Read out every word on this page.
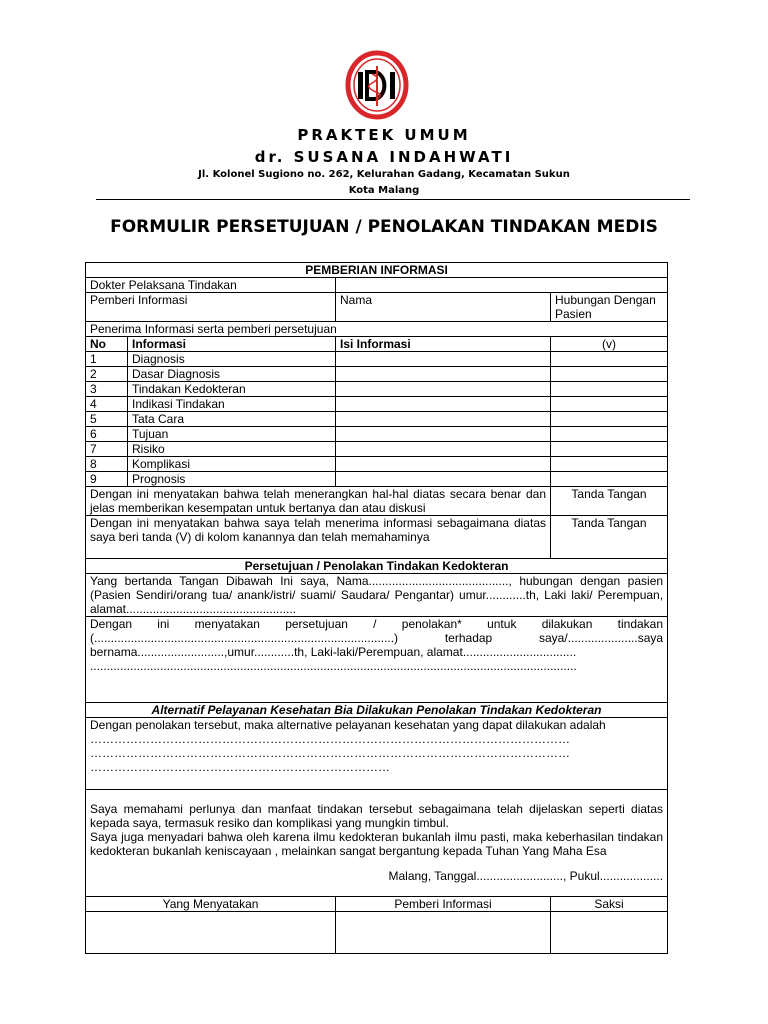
PRAKTEK UMUM
dr. SUSANA INDAHWATI
Jl. Kolonel Sugiono no. 262, Kelurahan Gadang, Kecamatan Sukun
Kota Malang
FORMULIR PERSETUJUAN / PENOLAKAN TINDAKAN MEDIS
PEMBERIAN INFORMASI			
Dokter Pelaksana Tindakan			
Pemberi Informasi		Nama	Hubungan Dengan Pasien
Penerima Informasi serta pemberi persetujuan			
No	Informasi	Isi Informasi	(v)
1	Diagnosis		
2	Dasar Diagnosis		
3	Tindakan Kedokteran		
4	Indikasi Tindakan		
5	Tata Cara		
6	Tujuan		
7	Risiko		
8	Komplikasi		
9	Prognosis		
Dengan ini menyatakan bahwa telah menerangkan hal-hal diatas secara benar dan jelas memberikan kesempatan untuk bertanya dan atau diskusi			Tanda Tangan
Dengan ini menyatakan bahwa saya telah menerima informasi sebagaimana diatas saya beri tanda (V) di kolom kanannya dan telah memahaminya			Tanda Tangan
Persetujuan / Penolakan Tindakan Kedokteran			
Yang bertanda Tangan Dibawah Ini saya, Nama.........................................., hubungan dengan pasien (Pasien Sendiri/orang tua/ anank/istri/ suami/ Saudara/ Pengantar) umur............th, Laki laki/ Perempuan, alamat...................................................			

Dengan ini menyatakan persetujuan / penolakan* untuk dilakukan tindakan (..........................................................................................) terhadap saya/.....................saya bernama..........................,umur............th, Laki-laki/Perempuan, alamat..................................
..................................................................................................................................................			

Alternatif Pelayanan Kesehatan Bia Dilakukan Penolakan Tindakan Kedokteran			

Dengan penolakan tersebut, maka alternative pelayanan kesehatan yang dapat dilakukan adalah
…………………………………………………………………………………………………………
…………………………………………………………………………………………………………
…………………………………………………………………			

Saya memahami perlunya dan manfaat tindakan tersebut sebagaimana telah dijelaskan seperti diatas kepada saya, termasuk resiko dan komplikasi yang mungkin timbul.
Saya juga menyadari bahwa oleh karena ilmu kedokteran bukanlah ilmu pasti, maka keberhasilan tindakan kedokteran bukanlah keniscayaan , melainkan sangat bergantung kepada Tuhan Yang Maha Esa
Malang, Tanggal.........................., Pukul...................			

Yang Menyatakan		Pemberi Informasi	Saksi
